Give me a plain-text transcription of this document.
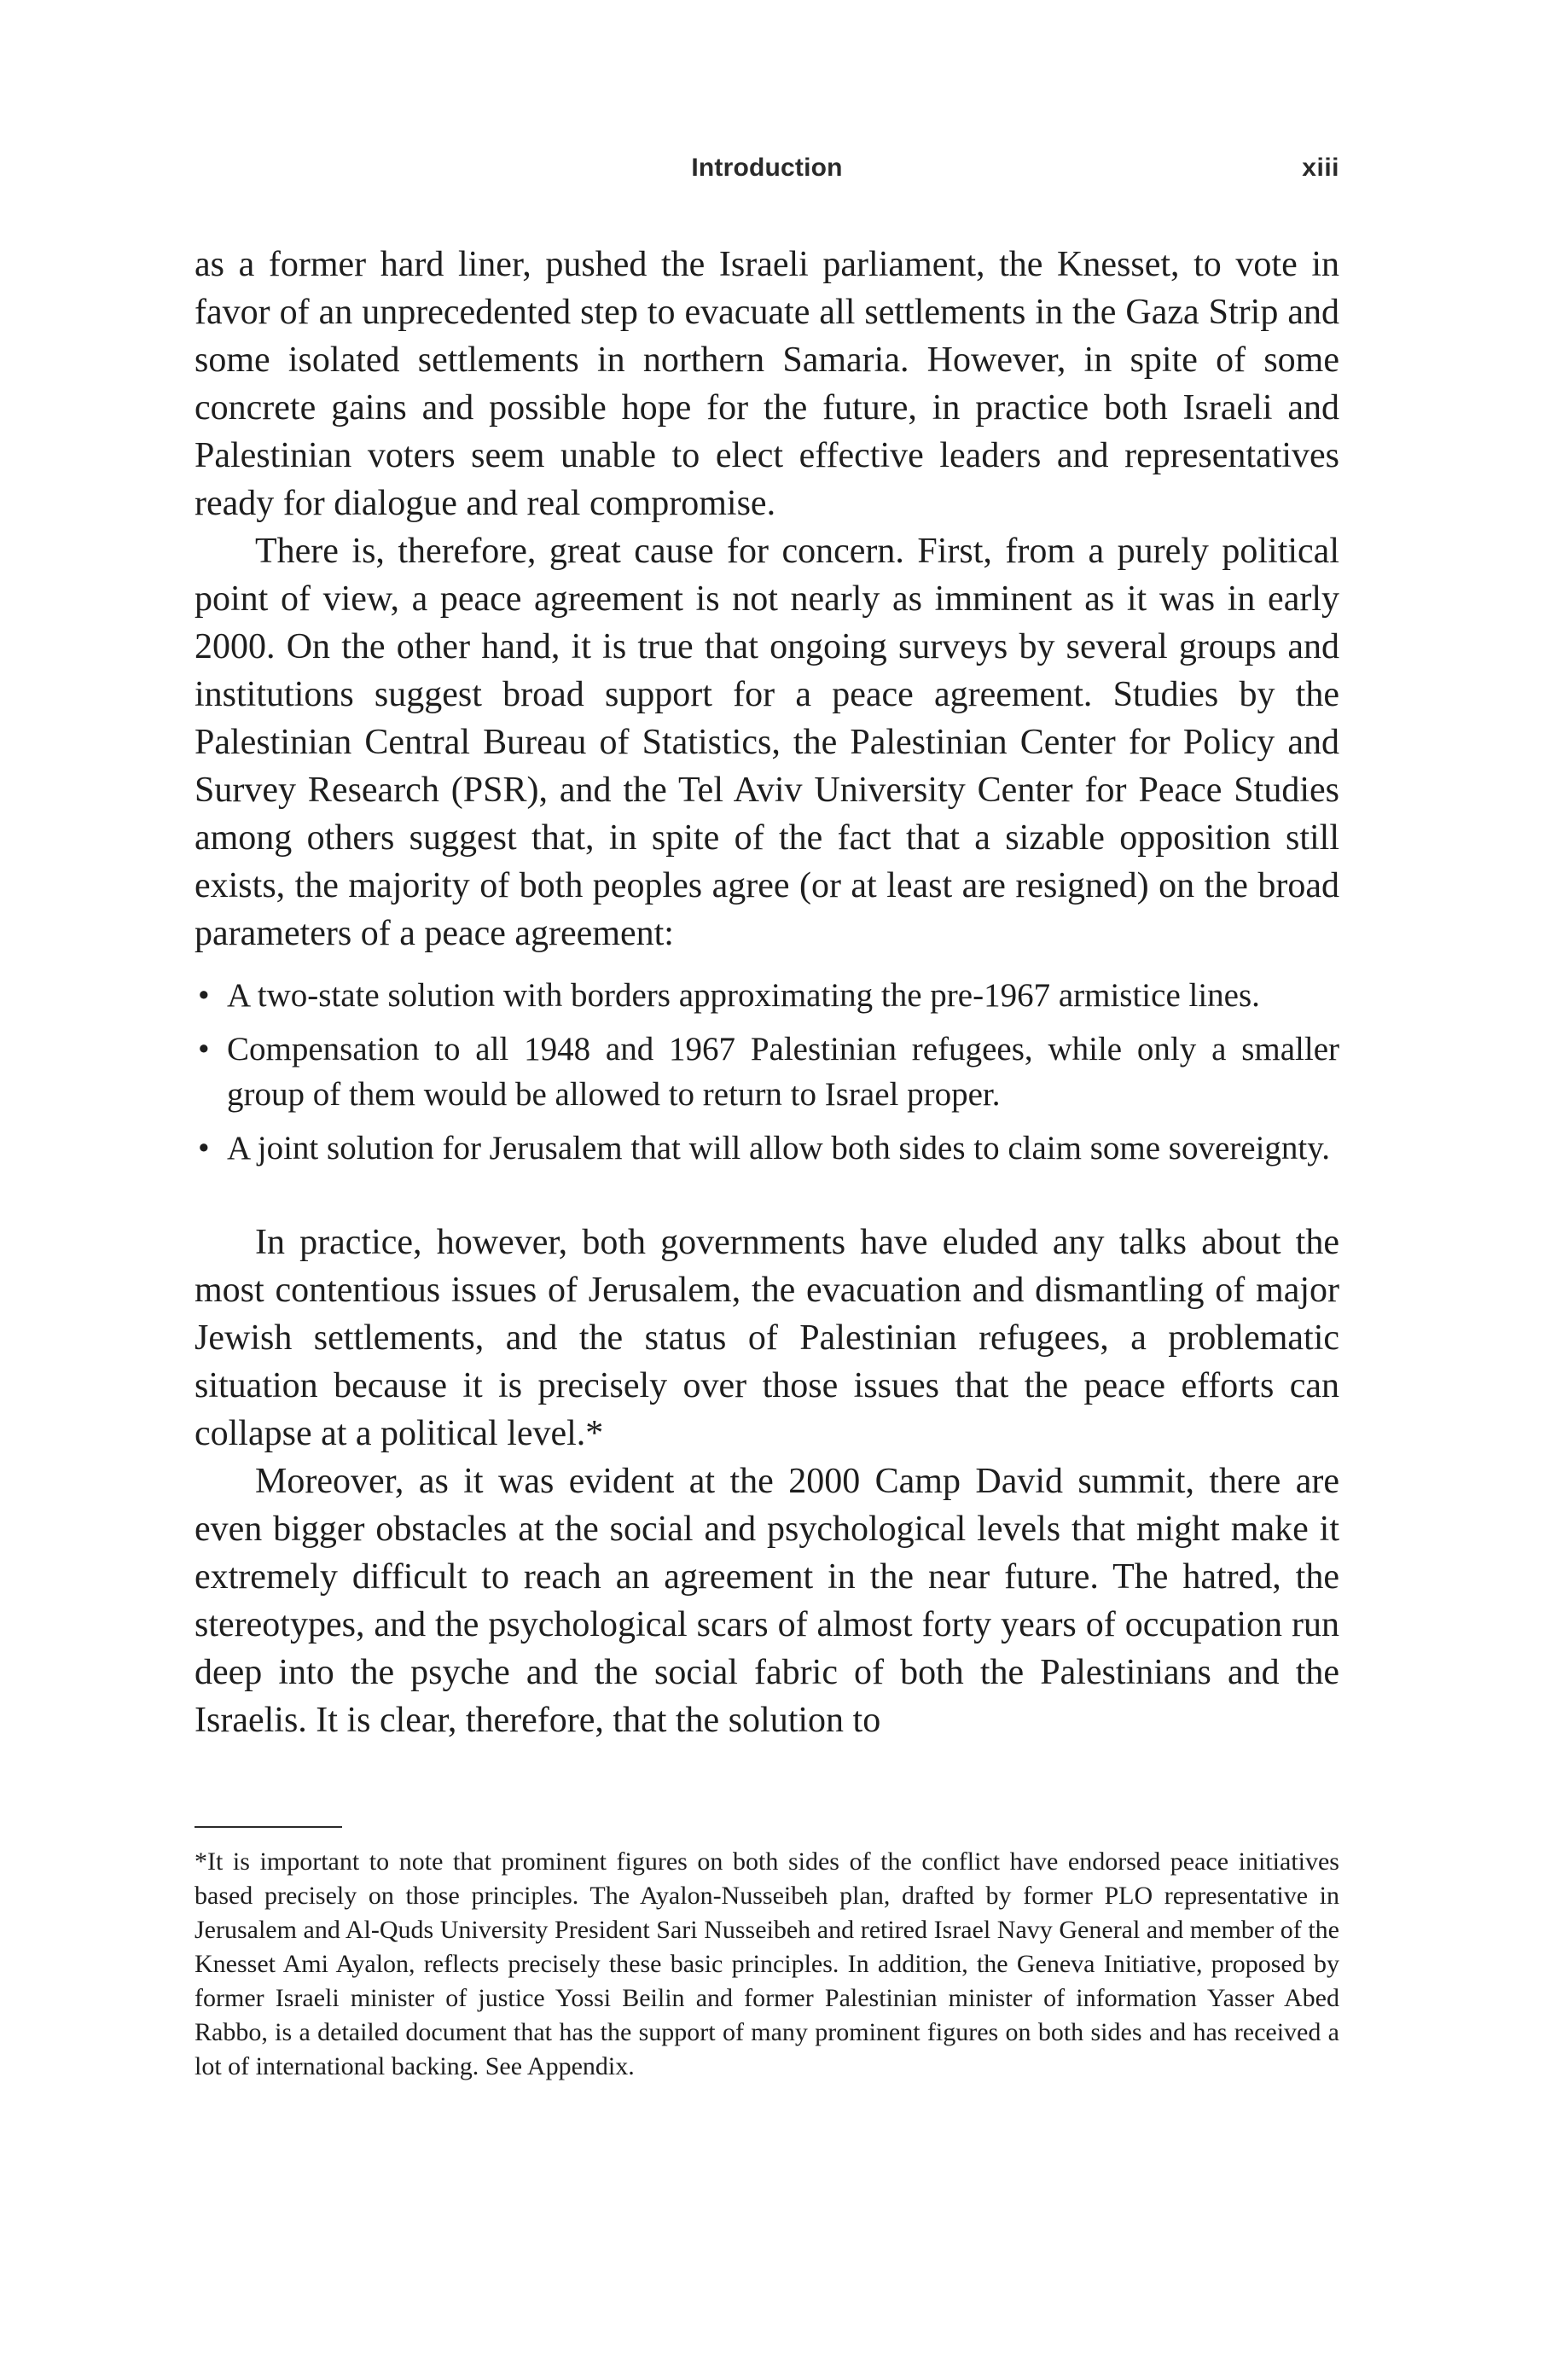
Introduction	xiii

as a former hard liner, pushed the Israeli parliament, the Knesset, to vote in favor of an unprecedented step to evacuate all settlements in the Gaza Strip and some isolated settlements in northern Samaria. However, in spite of some concrete gains and possible hope for the future, in practice both Israeli and Palestinian voters seem unable to elect effective leaders and representatives ready for dialogue and real compromise.

There is, therefore, great cause for concern. First, from a purely political point of view, a peace agreement is not nearly as imminent as it was in early 2000. On the other hand, it is true that ongoing surveys by several groups and institutions suggest broad support for a peace agreement. Studies by the Palestinian Central Bureau of Statistics, the Palestinian Center for Policy and Survey Research (PSR), and the Tel Aviv University Center for Peace Studies among others suggest that, in spite of the fact that a sizable opposition still exists, the majority of both peoples agree (or at least are resigned) on the broad parameters of a peace agreement:

• A two-state solution with borders approximating the pre-1967 armistice lines.
• Compensation to all 1948 and 1967 Palestinian refugees, while only a smaller group of them would be allowed to return to Israel proper.
• A joint solution for Jerusalem that will allow both sides to claim some sovereignty.

In practice, however, both governments have eluded any talks about the most contentious issues of Jerusalem, the evacuation and dismantling of major Jewish settlements, and the status of Palestinian refugees, a problematic situation because it is precisely over those issues that the peace efforts can collapse at a political level.*

Moreover, as it was evident at the 2000 Camp David summit, there are even bigger obstacles at the social and psychological levels that might make it extremely difficult to reach an agreement in the near future. The hatred, the stereotypes, and the psychological scars of almost forty years of occupation run deep into the psyche and the social fabric of both the Palestinians and the Israelis. It is clear, therefore, that the solution to

*It is important to note that prominent figures on both sides of the conflict have endorsed peace initiatives based precisely on those principles. The Ayalon-Nusseibeh plan, drafted by former PLO representative in Jerusalem and Al-Quds University President Sari Nusseibeh and retired Israel Navy General and member of the Knesset Ami Ayalon, reflects precisely these basic principles. In addition, the Geneva Initiative, proposed by former Israeli minister of justice Yossi Beilin and former Palestinian minister of information Yasser Abed Rabbo, is a detailed document that has the support of many prominent figures on both sides and has received a lot of international backing. See Appendix.
